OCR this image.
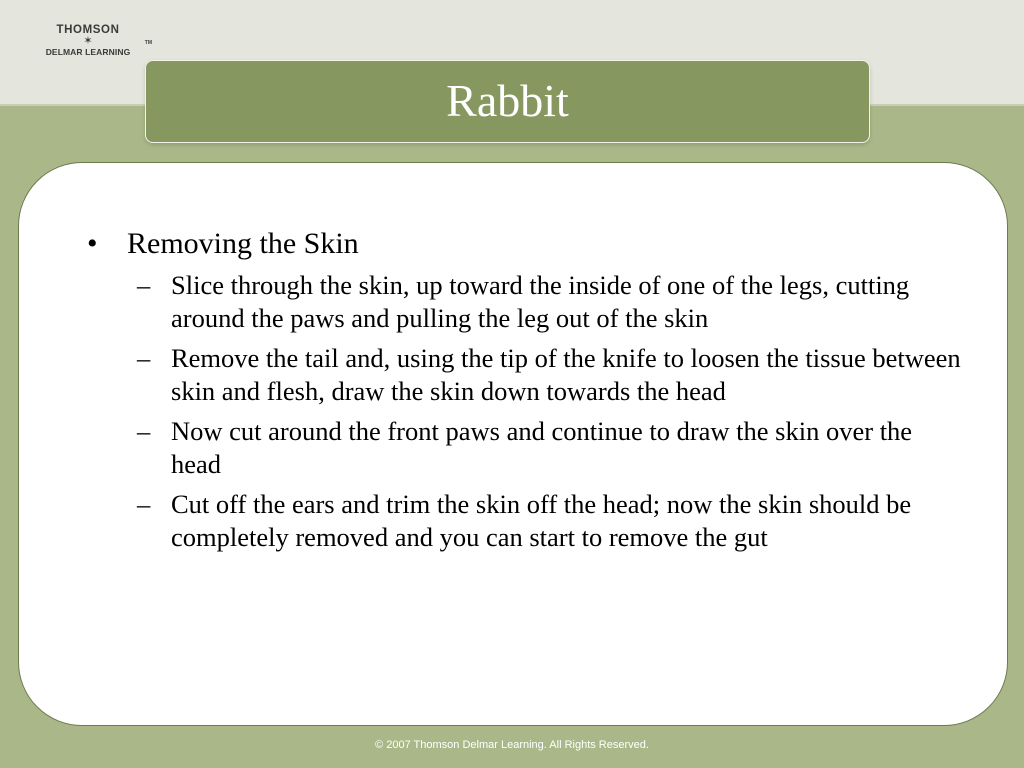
THOMSON
✶
DELMAR LEARNING
TM
Rabbit
• Removing the Skin
– Slice through the skin, up toward the inside of one of the legs, cutting around the paws and pulling the leg out of the skin
– Remove the tail and, using the tip of the knife to loosen the tissue between skin and flesh, draw the skin down towards the head
– Now cut around the front paws and continue to draw the skin over the head
– Cut off the ears and trim the skin off the head; now the skin should be completely removed and you can start to remove the gut
© 2007 Thomson Delmar Learning. All Rights Reserved.
